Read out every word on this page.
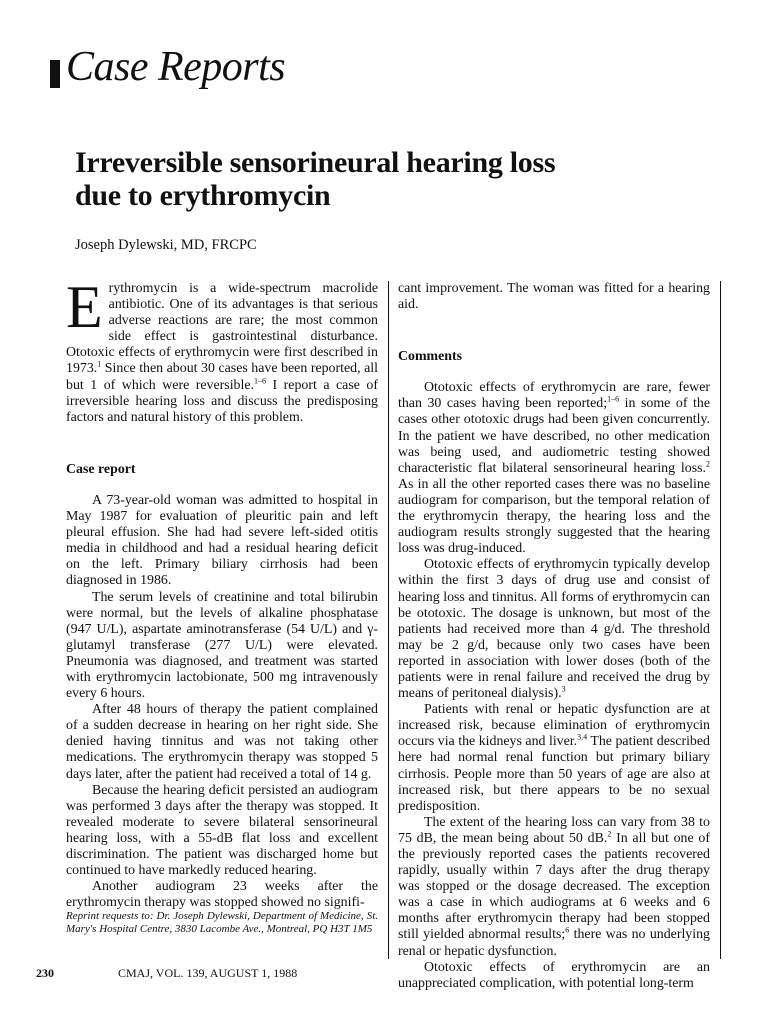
Case Reports
Irreversible sensorineural hearing loss
due to erythromycin
Joseph Dylewski, MD, FRCPC

Erythromycin is a wide-spectrum macrolide antibiotic. One of its advantages is that serious adverse reactions are rare; the most common side effect is gastrointestinal disturbance. Ototoxic effects of erythromycin were first described in 1973.$^1$ Since then about 30 cases have been reported, all but 1 of which were reversible.$^{1-6}$ I report a case of irreversible hearing loss and discuss the predisposing factors and natural history of this problem.

Case report

A 73-year-old woman was admitted to hospital in May 1987 for evaluation of pleuritic pain and left pleural effusion. She had had severe left-sided otitis media in childhood and had a residual hearing deficit on the left. Primary biliary cirrhosis had been diagnosed in 1986.

The serum levels of creatinine and total bilirubin were normal, but the levels of alkaline phosphatase (947 U/L), aspartate aminotransferase (54 U/L) and γ-glutamyl transferase (277 U/L) were elevated. Pneumonia was diagnosed, and treatment was started with erythromycin lactobionate, 500 mg intravenously every 6 hours.

After 48 hours of therapy the patient complained of a sudden decrease in hearing on her right side. She denied having tinnitus and was not taking other medications. The erythromycin therapy was stopped 5 days later, after the patient had received a total of 14 g.

Because the hearing deficit persisted an audiogram was performed 3 days after the therapy was stopped. It revealed moderate to severe bilateral sensorineural hearing loss, with a 55-dB flat loss and excellent discrimination. The patient was discharged home but continued to have markedly reduced hearing.

Another audiogram 23 weeks after the erythromycin therapy was stopped showed no signifi-

cant improvement. The woman was fitted for a hearing aid.

Comments

Ototoxic effects of erythromycin are rare, fewer than 30 cases having been reported;$^{1-6}$ in some of the cases other ototoxic drugs had been given concurrently. In the patient we have described, no other medication was being used, and audiometric testing showed characteristic flat bilateral sensorineural hearing loss.$^2$ As in all the other reported cases there was no baseline audiogram for comparison, but the temporal relation of the erythromycin therapy, the hearing loss and the audiogram results strongly suggested that the hearing loss was drug-induced.

Ototoxic effects of erythromycin typically develop within the first 3 days of drug use and consist of hearing loss and tinnitus. All forms of erythromycin can be ototoxic. The dosage is unknown, but most of the patients had received more than 4 g/d. The threshold may be 2 g/d, because only two cases have been reported in association with lower doses (both of the patients were in renal failure and received the drug by means of peritoneal dialysis).$^3$

Patients with renal or hepatic dysfunction are at increased risk, because elimination of erythromycin occurs via the kidneys and liver.$^{3,4}$ The patient described here had normal renal function but primary biliary cirrhosis. People more than 50 years of age are also at increased risk, but there appears to be no sexual predisposition.

The extent of the hearing loss can vary from 38 to 75 dB, the mean being about 50 dB.$^2$ In all but one of the previously reported cases the patients recovered rapidly, usually within 7 days after the drug therapy was stopped or the dosage decreased. The exception was a case in which audiograms at 6 weeks and 6 months after erythromycin therapy had been stopped still yielded abnormal results;$^6$ there was no underlying renal or hepatic dysfunction.

Ototoxic effects of erythromycin are an unappreciated complication, with potential long-term

Reprint requests to: Dr. Joseph Dylewski, Department of Medicine, St. Mary's Hospital Centre, 3830 Lacombe Ave., Montreal, PQ H3T 1M5
230	CMAJ, VOL. 139, AUGUST 1, 1988
